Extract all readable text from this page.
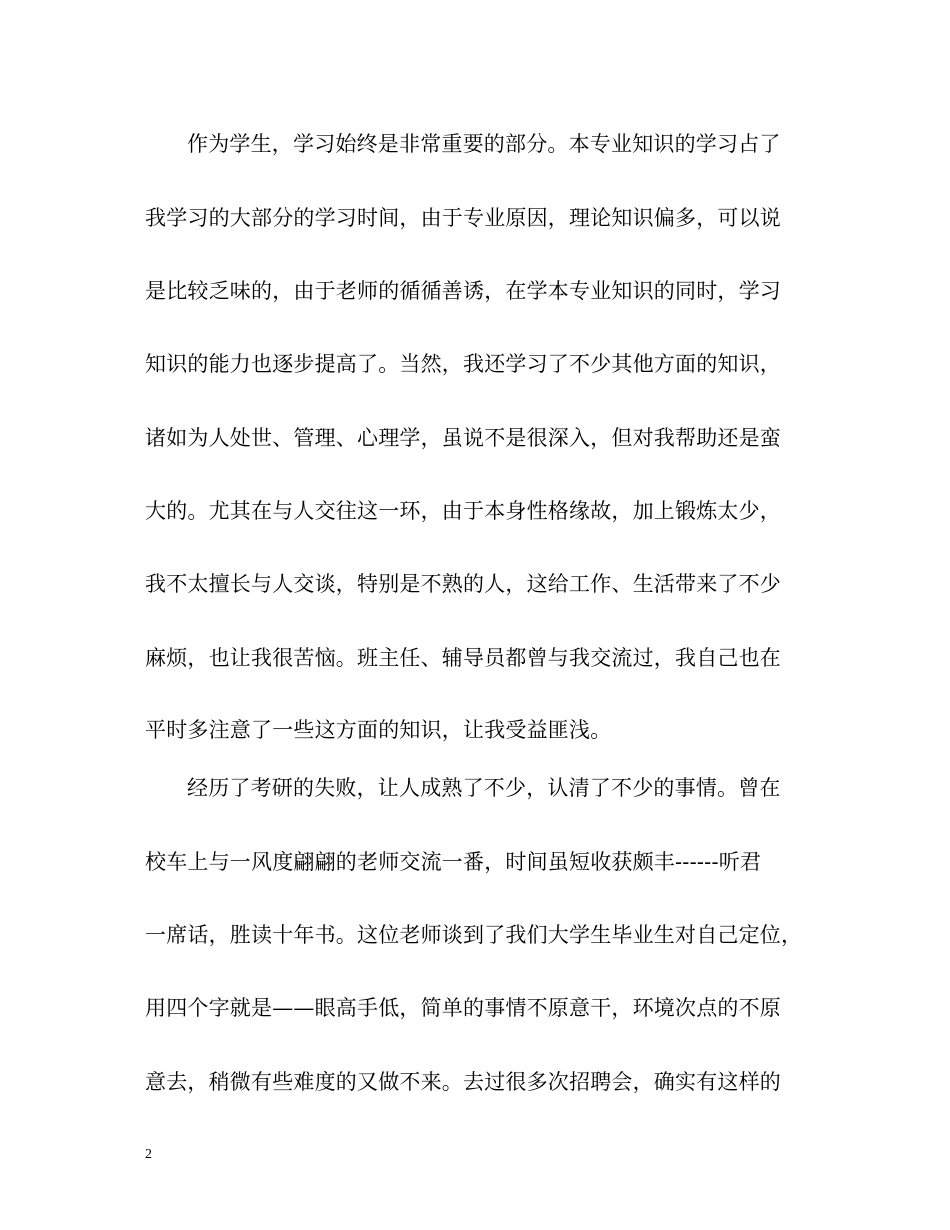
作为学生，学习始终是非常重要的部分。本专业知识的学习占了
我学习的大部分的学习时间，由于专业原因，理论知识偏多，可以说
是比较乏味的，由于老师的循循善诱，在学本专业知识的同时，学习
知识的能力也逐步提高了。当然，我还学习了不少其他方面的知识，
诸如为人处世、管理、心理学，虽说不是很深入，但对我帮助还是蛮
大的。尤其在与人交往这一环，由于本身性格缘故，加上锻炼太少，
我不太擅长与人交谈，特别是不熟的人，这给工作、生活带来了不少
麻烦，也让我很苦恼。班主任、辅导员都曾与我交流过，我自己也在
平时多注意了一些这方面的知识，让我受益匪浅。
经历了考研的失败，让人成熟了不少，认清了不少的事情。曾在
校车上与一风度翩翩的老师交流一番，时间虽短收获颇丰------听君
一席话，胜读十年书。这位老师谈到了我们大学生毕业生对自己定位，
用四个字就是——眼高手低，简单的事情不原意干，环境次点的不原
意去，稍微有些难度的又做不来。去过很多次招聘会，确实有这样的
2
